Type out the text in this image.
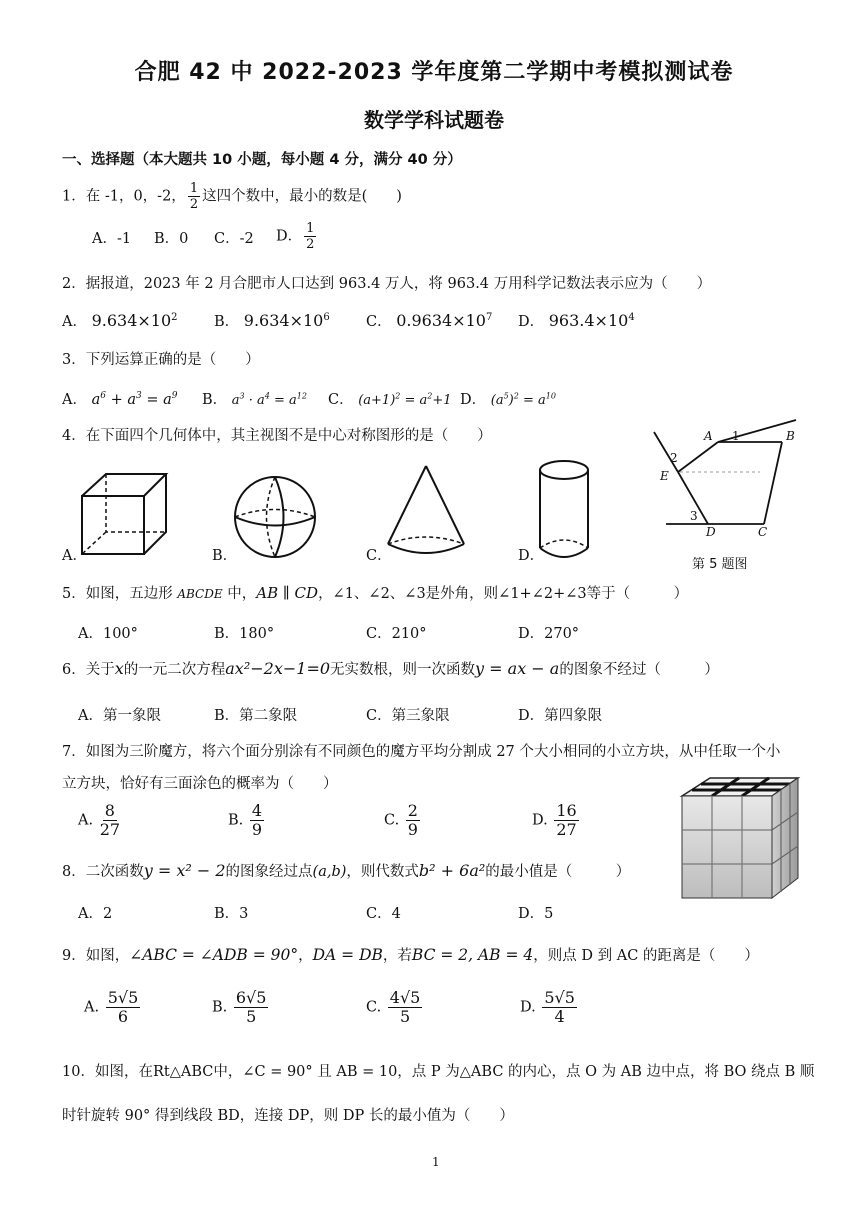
合肥 42 中 2022-2023 学年度第二学期中考模拟测试卷
数学学科试题卷
一、选择题（本大题共 10 小题，每小题 4 分，满分 40 分）
1．在 -1，0，-2， $\frac{1}{2}$ 这四个数中，最小的数是(　　)
A．-1 B．0 C．-2 D． $\frac{1}{2}$
2．据报道，2023 年 2 月合肥市人口达到 963.4 万人，将 963.4 万用科学记数法表示应为（　　）
A． $9.634\times 10^2$	B． $9.634\times 10^6$	C． $0.9634\times 10^7$ D． $963.4\times 10^4$
3．下列运算正确的是（　　）
A． $a^6 + a^3 = a^9$ B． $a^3 \cdot a^4 = a^{12}$ C． $(a+1)^2 = a^2+1$ D． $(a^5)^2 = a^{10}$
4．在下面四个几何体中，其主视图不是中心对称图形的是（　　）
A．	B．	C．	D．
A 1	B
2
E
3
D	C
第 5 题图
5．如图，五边形 ABCDE 中，AB ∥ CD，∠1、∠2、∠3是外角，则∠1+∠2+∠3等于（　　　）
A．100°	B．180°	C．210°	D．270°
6．关于x的一元二次方程ax²−2x−1=0无实数根，则一次函数y = ax − a的图象不经过（　　　）
A．第一象限	B．第二象限	C．第三象限	D．第四象限
7．如图为三阶魔方，将六个面分别涂有不同颜色的魔方平均分割成 27 个大小相同的小立方块，从中任取一个小
立方块，恰好有三面涂色的概率为（　　）
A. $\frac{8}{27}$	B. $\frac{4}{9}$	C. $\frac{2}{9}$	D. $\frac{16}{27}$
8．二次函数y = x² − 2的图象经过点(a,b)，则代数式b² + 6a²的最小值是（　　　）
A．2	B．3	C．4	D．5
9．如图，∠ABC = ∠ADB = 90°，DA = DB，若BC = 2, AB = 4，则点 D 到 AC 的距离是（　　）
A. $\frac{5√5}{6}$	B. $\frac{6√5}{5}$	C. $\frac{4√5}{5}$	D. $\frac{5√5}{4}$
10．如图，在Rt△ABC中，∠C = 90° 且 AB = 10，点 P 为△ABC 的内心，点 O 为 AB 边中点，将 BO 绕点 B 顺
时针旋转 90° 得到线段 BD，连接 DP，则 DP 长的最小值为（　　）
1
